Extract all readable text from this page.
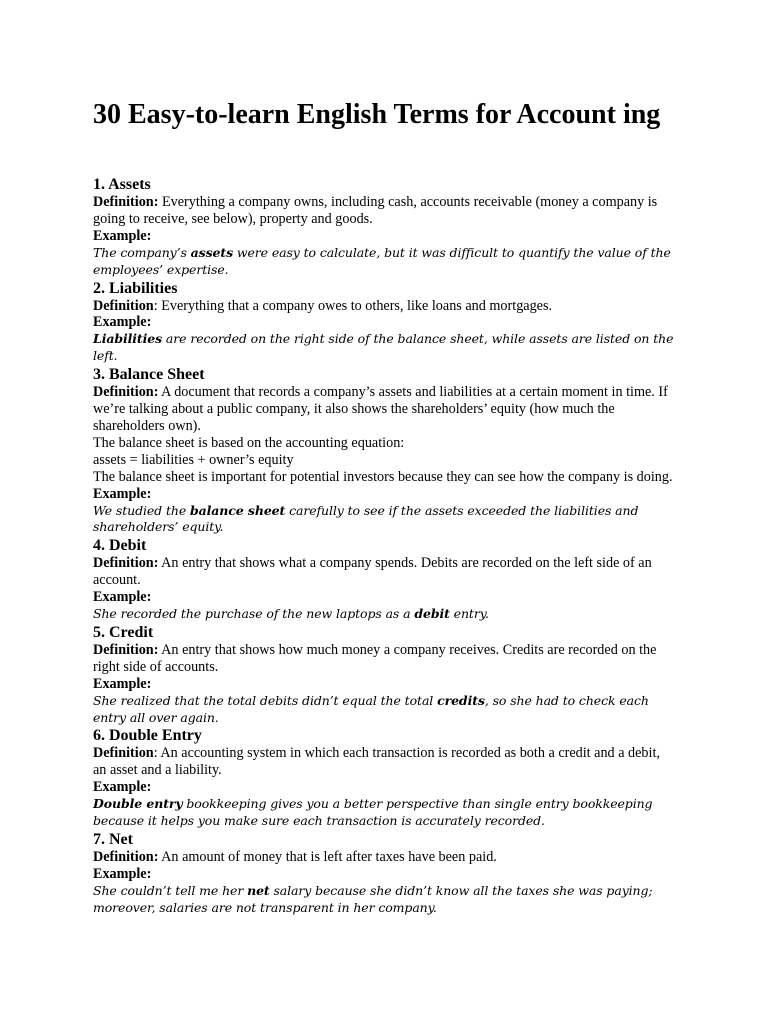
30 Easy-to-learn English Terms for Account ing
1. Assets

Definition: Everything a company owns, including cash, accounts receivable (money a company is going to receive, see below), property and goods.

Example:

The company’s assets were easy to calculate, but it was difficult to quantify the value of the employees’ expertise.

2. Liabilities

Definition: Everything that a company owes to others, like loans and mortgages.

Example:

Liabilities are recorded on the right side of the balance sheet, while assets are listed on the left.

3. Balance Sheet

Definition: A document that records a company’s assets and liabilities at a certain moment in time. If we’re talking about a public company, it also shows the shareholders’ equity (how much the shareholders own).

The balance sheet is based on the accounting equation:

assets = liabilities + owner’s equity

The balance sheet is important for potential investors because they can see how the company is doing.

Example:

We studied the balance sheet carefully to see if the assets exceeded the liabilities and shareholders’ equity.

4. Debit

Definition: An entry that shows what a company spends. Debits are recorded on the left side of an account.

Example:

She recorded the purchase of the new laptops as a debit entry.

5. Credit

Definition: An entry that shows how much money a company receives. Credits are recorded on the right side of accounts.

Example:

She realized that the total debits didn’t equal the total credits, so she had to check each entry all over again.

6. Double Entry

Definition: An accounting system in which each transaction is recorded as both a credit and a debit, an asset and a liability.

Example:

Double entry bookkeeping gives you a better perspective than single entry bookkeeping because it helps you make sure each transaction is accurately recorded.

7. Net

Definition: An amount of money that is left after taxes have been paid.

Example:

She couldn’t tell me her net salary because she didn’t know all the taxes she was paying; moreover, salaries are not transparent in her company.
